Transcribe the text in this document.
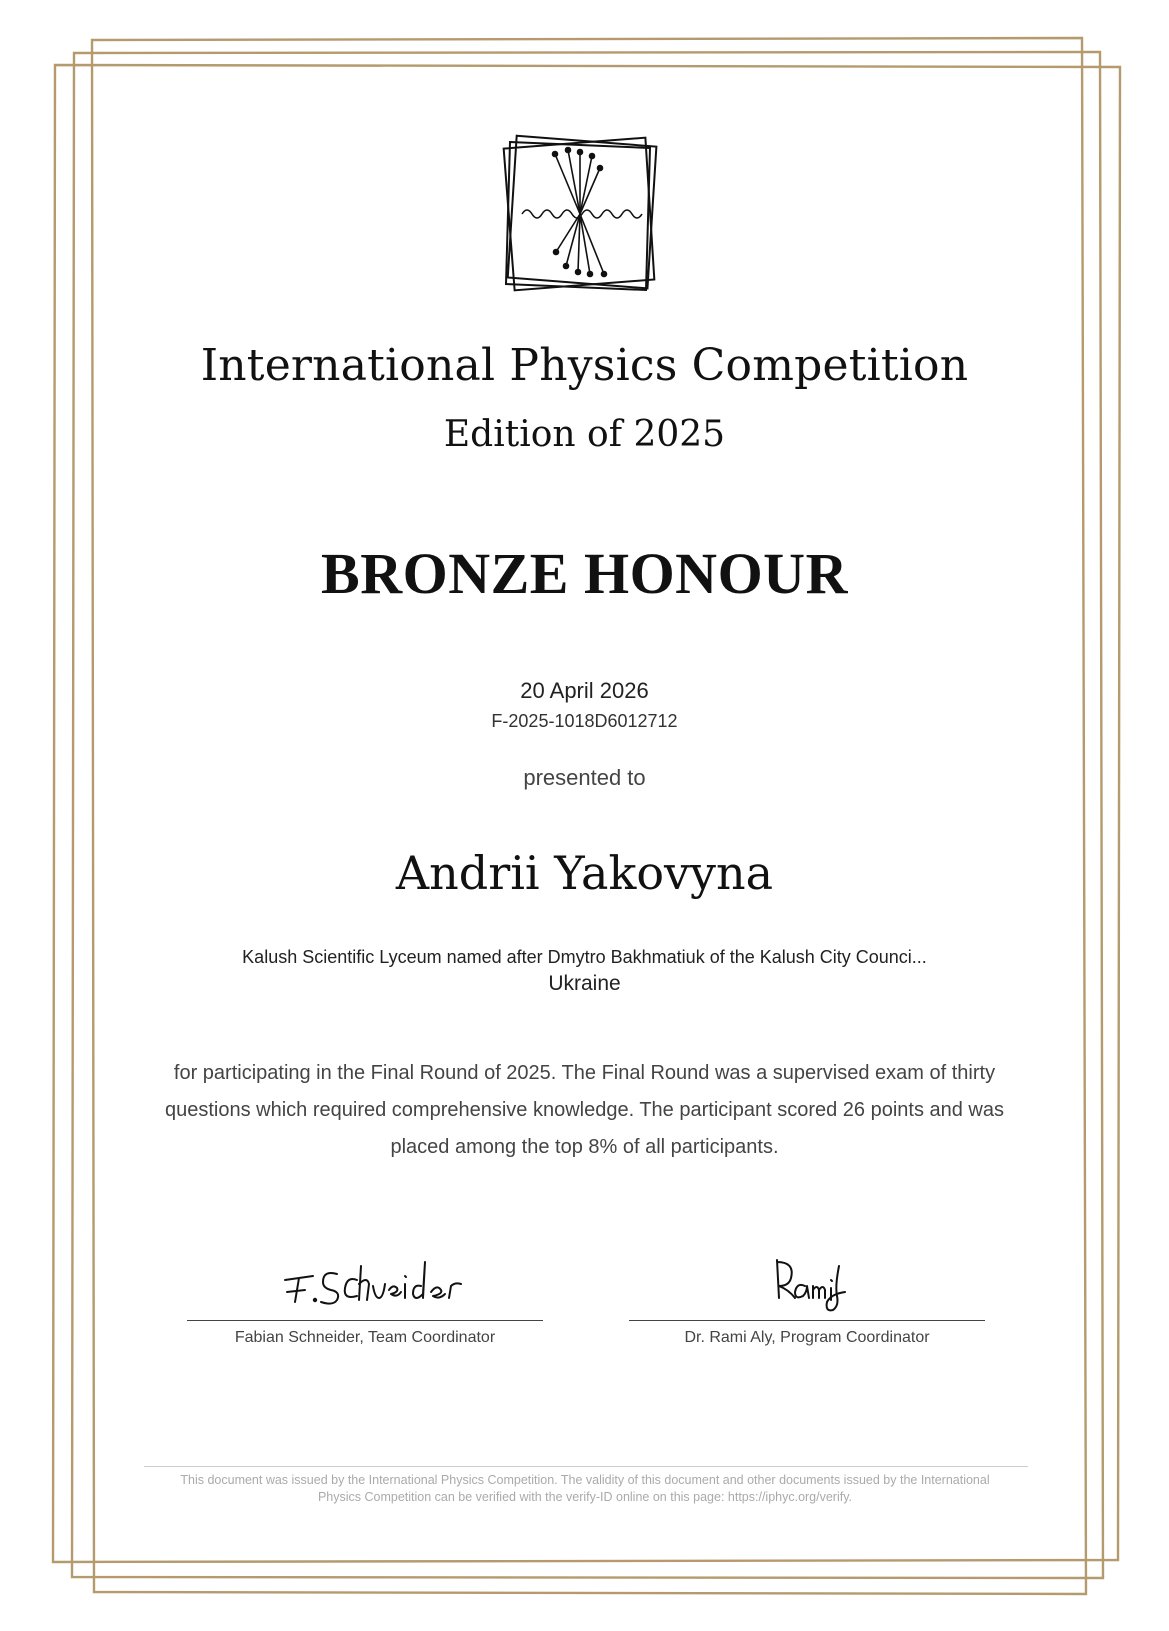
International Physics Competition
Edition of 2025
BRONZE HONOUR
20 April 2026
F-2025-1018D6012712
presented to
Andrii Yakovyna
Kalush Scientific Lyceum named after Dmytro Bakhmatiuk of the Kalush City Counci...
Ukraine
for participating in the Final Round of 2025. The Final Round was a supervised exam of thirty questions which required comprehensive knowledge. The participant scored 26 points and was placed among the top 8% of all participants.
Fabian Schneider, Team Coordinator	Dr. Rami Aly, Program Coordinator
This document was issued by the International Physics Competition. The validity of this document and other documents issued by the International Physics Competition can be verified with the verify-ID online on this page: https://iphyc.org/verify.
